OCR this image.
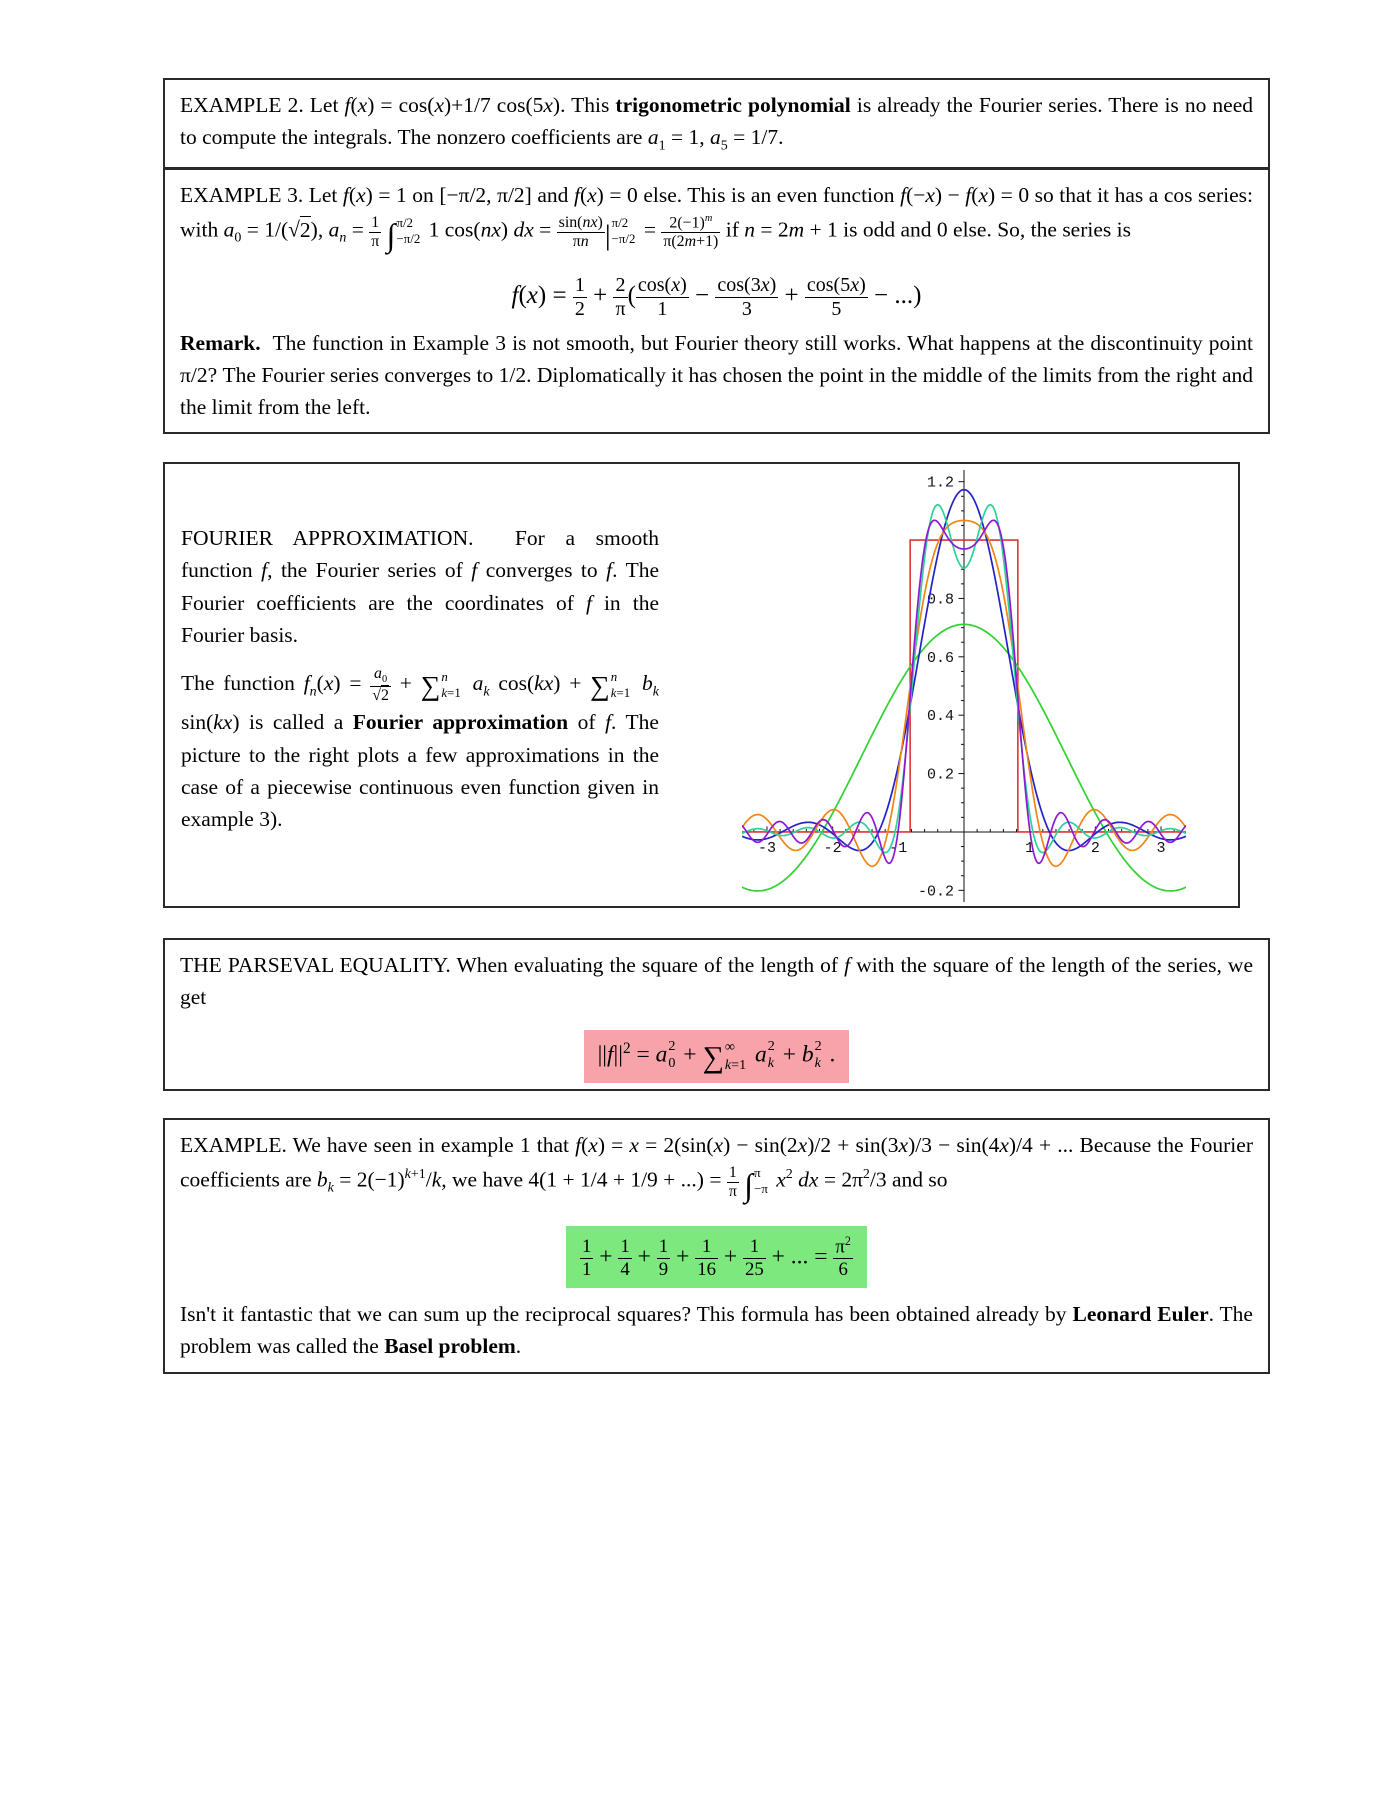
EXAMPLE 2. Let f(x) = cos(x)+1/7 cos(5x). This trigonometric polynomial is already the Fourier series. There is no need to compute the integrals. The nonzero coefficients are $a_1 = 1$, $a_5 = 1/7$.

EXAMPLE 3. Let f(x) = 1 on [−π/2, π/2] and f(x) = 0 else. This is an even function f(−x) − f(x) = 0 so that it has a cos series: with $a_0 = 1/(√2)$, $a_n = \frac{1}{\pi}$ ∫ π/2
−π/2 1 cos(nx) dx = $\frac{\sin(nx)}{\pi n}$ | π/2
$-\pi/2 = \frac{2(-1)^m}{\pi(2m+1)}$ if n = 2m + 1 is odd and 0 else. So, the series is

$f(x) = \frac{1}{2} + \frac{2}{\pi}$ ( $\frac{\cos(x)}{1} - \frac{\cos(3x)}{3} + \frac{\cos(5x)}{5}$ − ...)

Remark.  The function in Example 3 is not smooth, but Fourier theory still works. What happens at the discontinuity point π/2? The Fourier series converges to 1/2. Diplomatically it has chosen the point in the middle of the limits from the right and the limit from the left.

FOURIER APPROXIMATION.  For a smooth function f, the Fourier series of f converges to f. The Fourier coefficients are the coordinates of f in the Fourier basis.

The function $f_n(x) = \frac{a_0}{√2}$ + ∑ n
k=1 $a_k$ cos(kx) + ∑ n
k=1 $b_k$ sin(kx) is called a Fourier approximation of f. The picture to the right plots a few approximations in the case of a piecewise continuous even function given in example 3).

-3	-2	-1	1	2	3
1.2
0.8
0.6
0.4
0.2
-0.2

THE PARSEVAL EQUALITY. When evaluating the square of the length of f with the square of the length of the series, we get

$||f||^2 = a$ 2
0 + ∑ ∞
k=1 a 2
k + b 2
k .

EXAMPLE. We have seen in example 1 that f(x) = x = 2(sin(x) − sin(2x)/2 + sin(3x)/3 − sin(4x)/4 + ... Because the Fourier coefficients are $b_k = 2(-1)^{k+1}/k$, we have 4(1 + 1/4 + 1/9 + ...) = $\frac{1}{\pi}$ ∫ π
−π $x^2$ dx = $2\pi^2/3$ and so

$\frac{1}{1} + \frac{1}{4} + \frac{1}{9} + \frac{1}{16} + \frac{1}{25}$ + ... = $\frac{\pi^2}{6}$

Isn't it fantastic that we can sum up the reciprocal squares? This formula has been obtained already by Leonard Euler. The problem was called the Basel problem.
